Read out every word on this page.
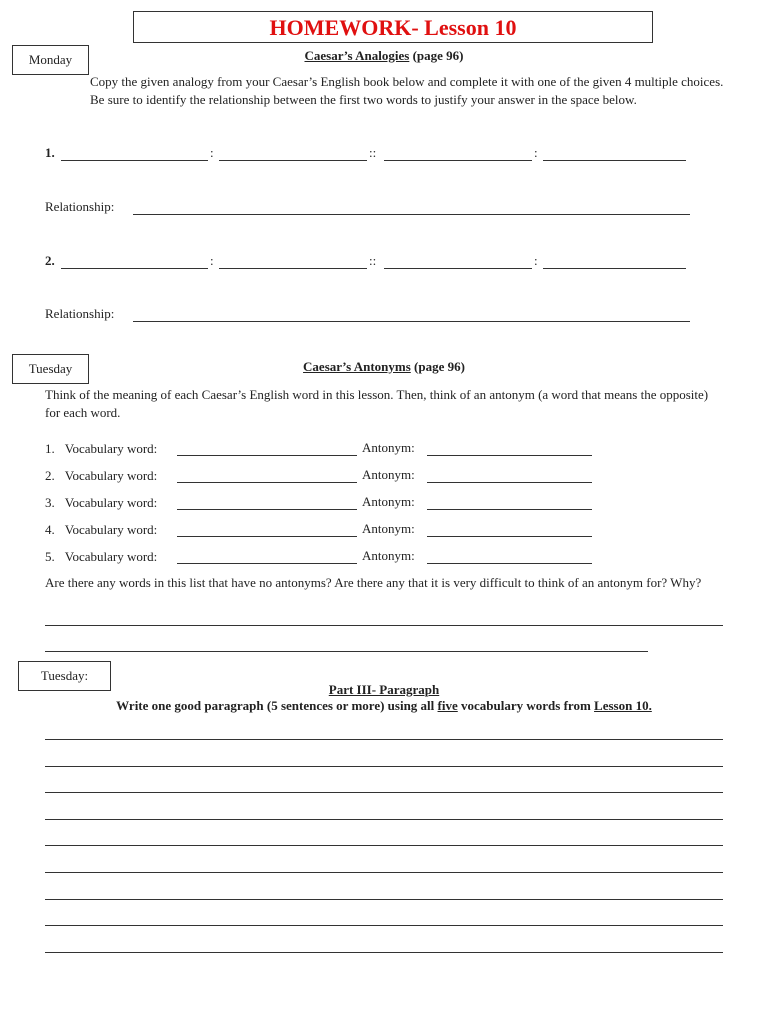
HOMEWORK- Lesson 10
Monday	Caesar’s Analogies (page 96)
Copy the given analogy from your Caesar’s English book below and complete it with one of the given 4 multiple choices. Be sure to identify the relationship between the first two words to justify your answer in the space below.
1.	:	::	:
Relationship:
2.	:	::	:
Relationship:
Tuesday	Caesar’s Antonyms (page 96)
Think of the meaning of each Caesar’s English word in this lesson. Then, think of an antonym (a word that means the opposite) for each word.
1. Vocabulary word:	Antonym:
2. Vocabulary word:	Antonym:
3. Vocabulary word:	Antonym:
4. Vocabulary word:	Antonym:
5. Vocabulary word:	Antonym:
Are there any words in this list that have no antonyms? Are there any that it is very difficult to think of an antonym for? Why?
Tuesday:
Part III- Paragraph
Write one good paragraph (5 sentences or more) using all five vocabulary words from Lesson 10.
